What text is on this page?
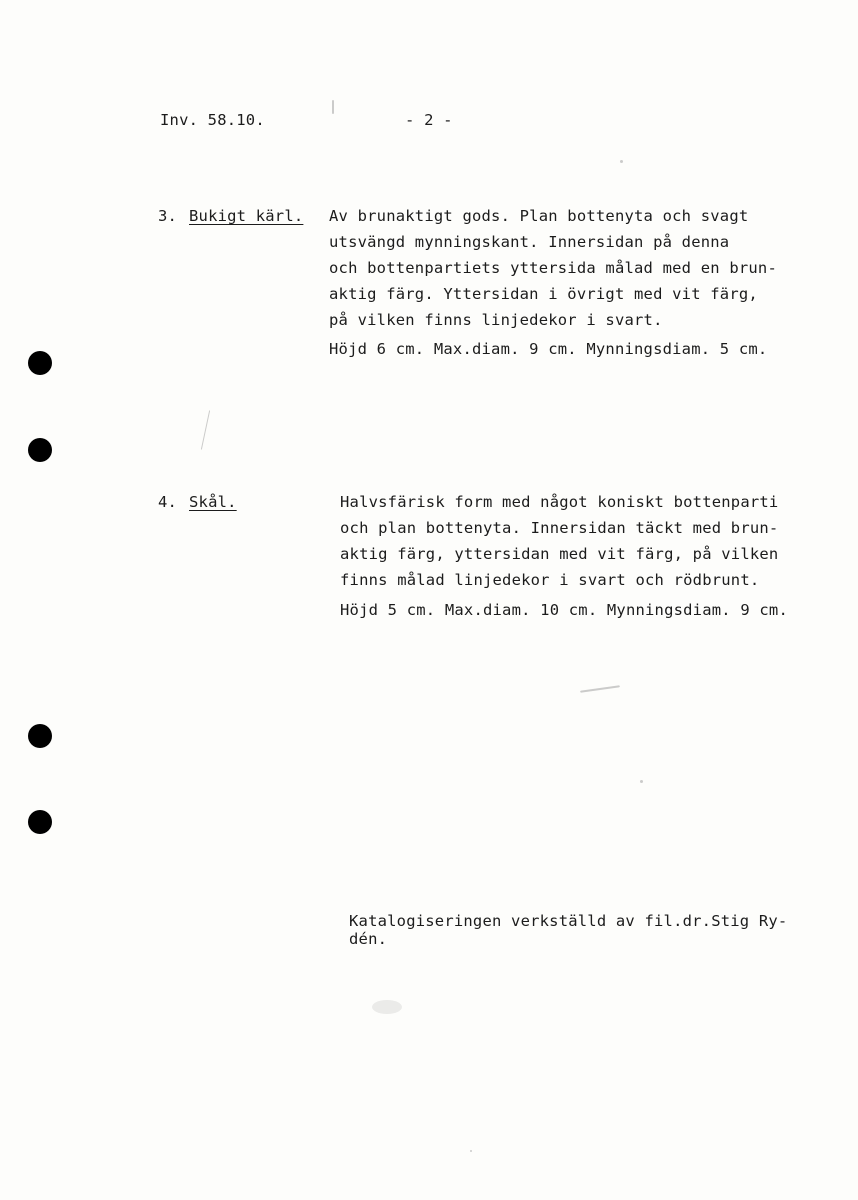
Inv. 58.10.	- 2 -
3. Bukigt kärl. Av brunaktigt gods. Plan bottenyta och svagt
utsvängd mynningskant. Innersidan på denna
och bottenpartiets yttersida målad med en brun-
aktig färg. Yttersidan i övrigt med vit färg,
på vilken finns linjedekor i svart.
Höjd 6 cm. Max.diam. 9 cm. Mynningsdiam. 5 cm.
4. Skål.	Halvsfärisk form med något koniskt bottenparti
och plan bottenyta. Innersidan täckt med brun-
aktig färg, yttersidan med vit färg, på vilken
finns målad linjedekor i svart och rödbrunt.
Höjd 5 cm. Max.diam. 10 cm. Mynningsdiam. 9 cm.
Katalogiseringen verkställd av fil.dr.Stig Ry-
dén.
